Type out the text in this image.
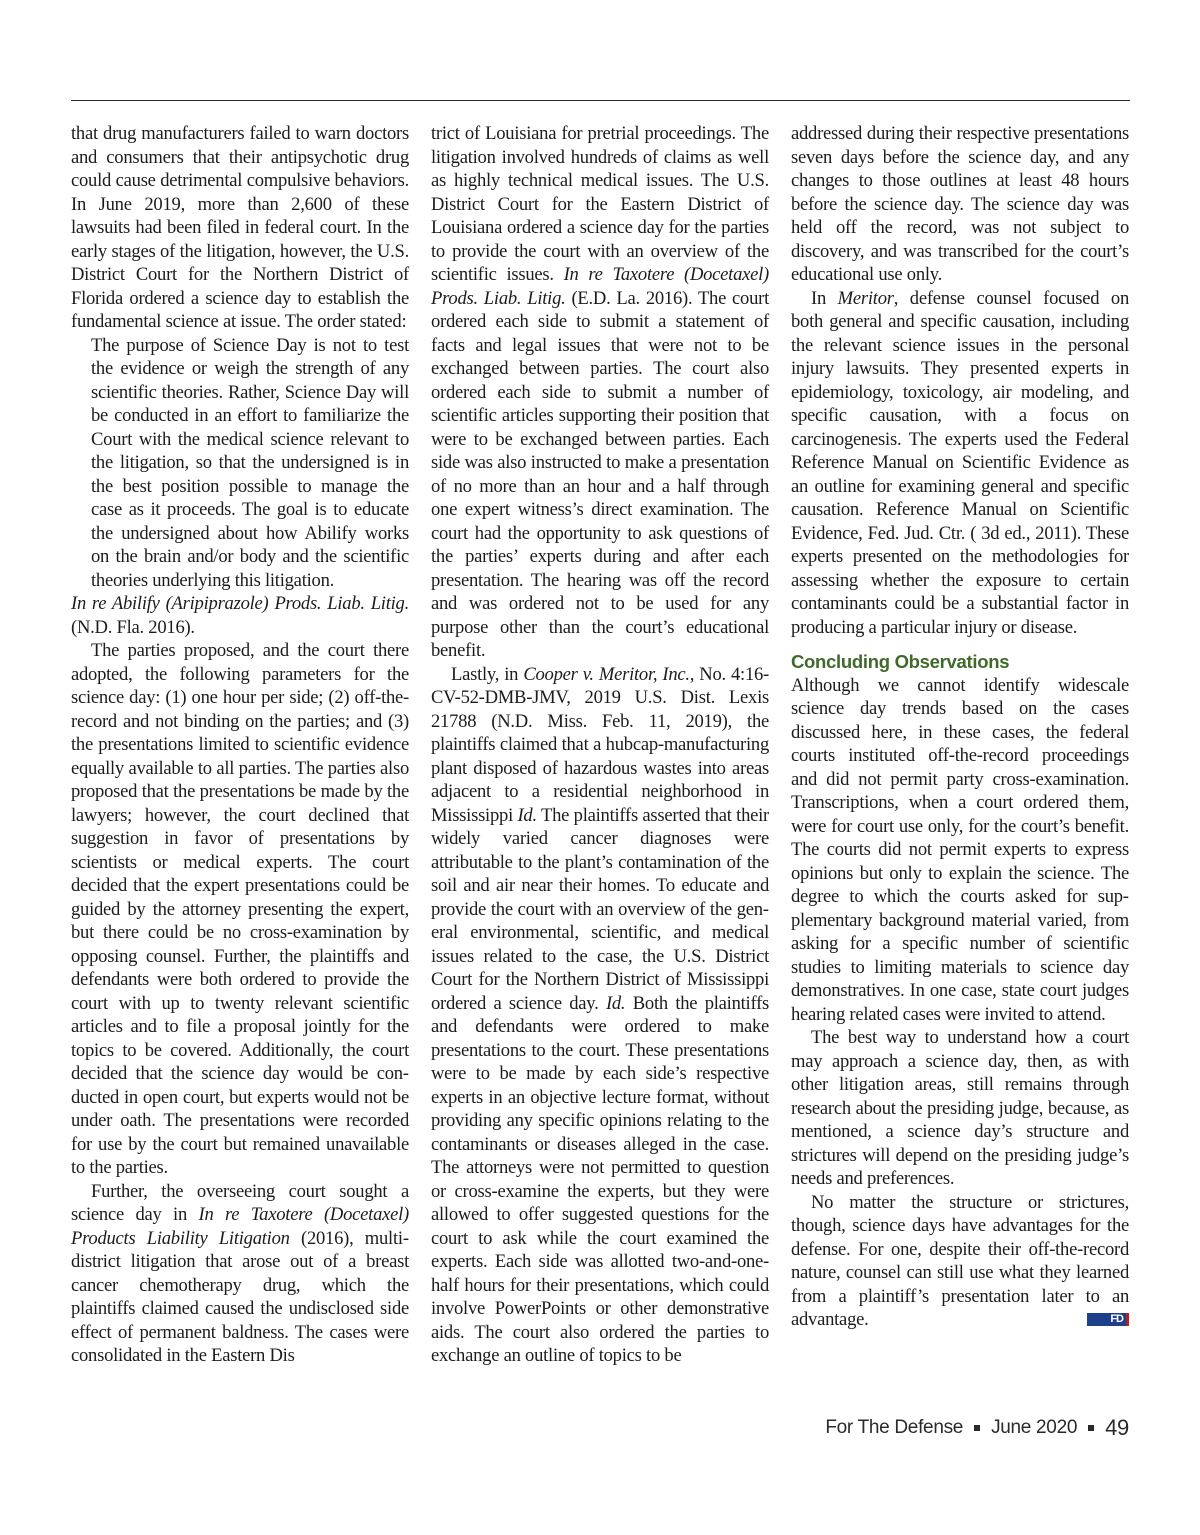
that drug manufacturers failed to warn doctors and consumers that their antipsychotic drug could cause detrimental compulsive behaviors. In June 2019, more than 2,600 of these lawsuits had been filed in federal court. In the early stages of the litigation, however, the U.S. District Court for the Northern District of Florida ordered a science day to establish the fundamental science at issue. The order stated:

The purpose of Science Day is not to test the evidence or weigh the strength of any scientific theories. Rather, Science Day will be conducted in an effort to familiarize the Court with the medical science relevant to the litigation, so that the undersigned is in the best position possible to manage the case as it proceeds. The goal is to educate the undersigned about how Abilify works on the brain and/or body and the scientific theories underlying this litigation.

In re Abilify (Aripiprazole) Prods. Liab. Litig. (N.D. Fla. 2016).

The parties proposed, and the court there adopted, the following parameters for the science day: (1) one hour per side; (2) off-the-record and not binding on the parties; and (3) the presentations limited to scientific evidence equally available to all parties. The parties also proposed that the presentations be made by the lawyers; however, the court declined that suggestion in favor of presentations by scientists or medical experts. The court decided that the expert presentations could be guided by the attorney presenting the expert, but there could be no cross-examination by opposing counsel. Further, the plaintiffs and defendants were both ordered to provide the court with up to twenty relevant scientific articles and to file a proposal jointly for the topics to be covered. Additionally, the court decided that the science day would be conducted in open court, but experts would not be under oath. The presentations were recorded for use by the court but remained unavailable to the parties.

Further, the overseeing court sought a science day in In re Taxotere (Docetaxel) Products Liability Litigation (2016), multidistrict litigation that arose out of a breast cancer chemotherapy drug, which the plaintiffs claimed caused the undisclosed side effect of permanent baldness. The cases were consolidated in the Eastern Dis

trict of Louisiana for pretrial proceedings. The litigation involved hundreds of claims as well as highly technical medical issues. The U.S. District Court for the Eastern District of Louisiana ordered a science day for the parties to provide the court with an overview of the scientific issues. In re Taxotere (Docetaxel) Prods. Liab. Litig. (E.D. La. 2016). The court ordered each side to submit a statement of facts and legal issues that were not to be exchanged between parties. The court also ordered each side to submit a number of scientific articles supporting their position that were to be exchanged between parties. Each side was also instructed to make a presentation of no more than an hour and a half through one expert witness’s direct examination. The court had the opportunity to ask questions of the parties’ experts during and after each presentation. The hearing was off the record and was ordered not to be used for any purpose other than the court’s educational benefit.

Lastly, in Cooper v. Meritor, Inc., No. 4:16-CV-52-DMB-JMV, 2019 U.S. Dist. Lexis 21788 (N.D. Miss. Feb. 11, 2019), the plaintiffs claimed that a hubcap-manufacturing plant disposed of hazardous wastes into areas adjacent to a residential neighborhood in Mississippi Id. The plaintiffs asserted that their widely varied cancer diagnoses were attributable to the plant’s contamination of the soil and air near their homes. To educate and provide the court with an overview of the general environmental, scientific, and medical issues related to the case, the U.S. District Court for the Northern District of Mississippi ordered a science day. Id. Both the plaintiffs and defendants were ordered to make presentations to the court. These presentations were to be made by each side’s respective experts in an objective lecture format, without providing any specific opinions relating to the contaminants or diseases alleged in the case. The attorneys were not permitted to question or cross-examine the experts, but they were allowed to offer suggested questions for the court to ask while the court examined the experts. Each side was allotted two-and-one-half hours for their presentations, which could involve PowerPoints or other demonstrative aids. The court also ordered the parties to exchange an outline of topics to be

addressed during their respective presentations seven days before the science day, and any changes to those outlines at least 48 hours before the science day. The science day was held off the record, was not subject to discovery, and was transcribed for the court’s educational use only.

In Meritor, defense counsel focused on both general and specific causation, including the relevant science issues in the personal injury lawsuits. They presented experts in epidemiology, toxicology, air modeling, and specific causation, with a focus on carcinogenesis. The experts used the Federal Reference Manual on Scientific Evidence as an outline for examining general and specific causation. Reference Manual on Scientific Evidence, Fed. Jud. Ctr. ( 3d ed., 2011). These experts presented on the methodologies for assessing whether the exposure to certain contaminants could be a substantial factor in producing a particular injury or disease.

Concluding Observations

Although we cannot identify widescale science day trends based on the cases discussed here, in these cases, the federal courts instituted off-the-record proceedings and did not permit party cross-examination. Transcriptions, when a court ordered them, were for court use only, for the court’s benefit. The courts did not permit experts to express opinions but only to explain the science. The degree to which the courts asked for supplementary background material varied, from asking for a specific number of scientific studies to limiting materials to science day demonstratives. In one case, state court judges hearing related cases were invited to attend.

The best way to understand how a court may approach a science day, then, as with other litigation areas, still remains through research about the presiding judge, because, as mentioned, a science day’s structure and strictures will depend on the presiding judge’s needs and preferences.

No matter the structure or strictures, though, science days have advantages for the defense. For one, despite their off-the-record nature, counsel can still use what they learned from a plaintiff’s presentation later to an advantage.	FD

For The Defense June 2020 49
